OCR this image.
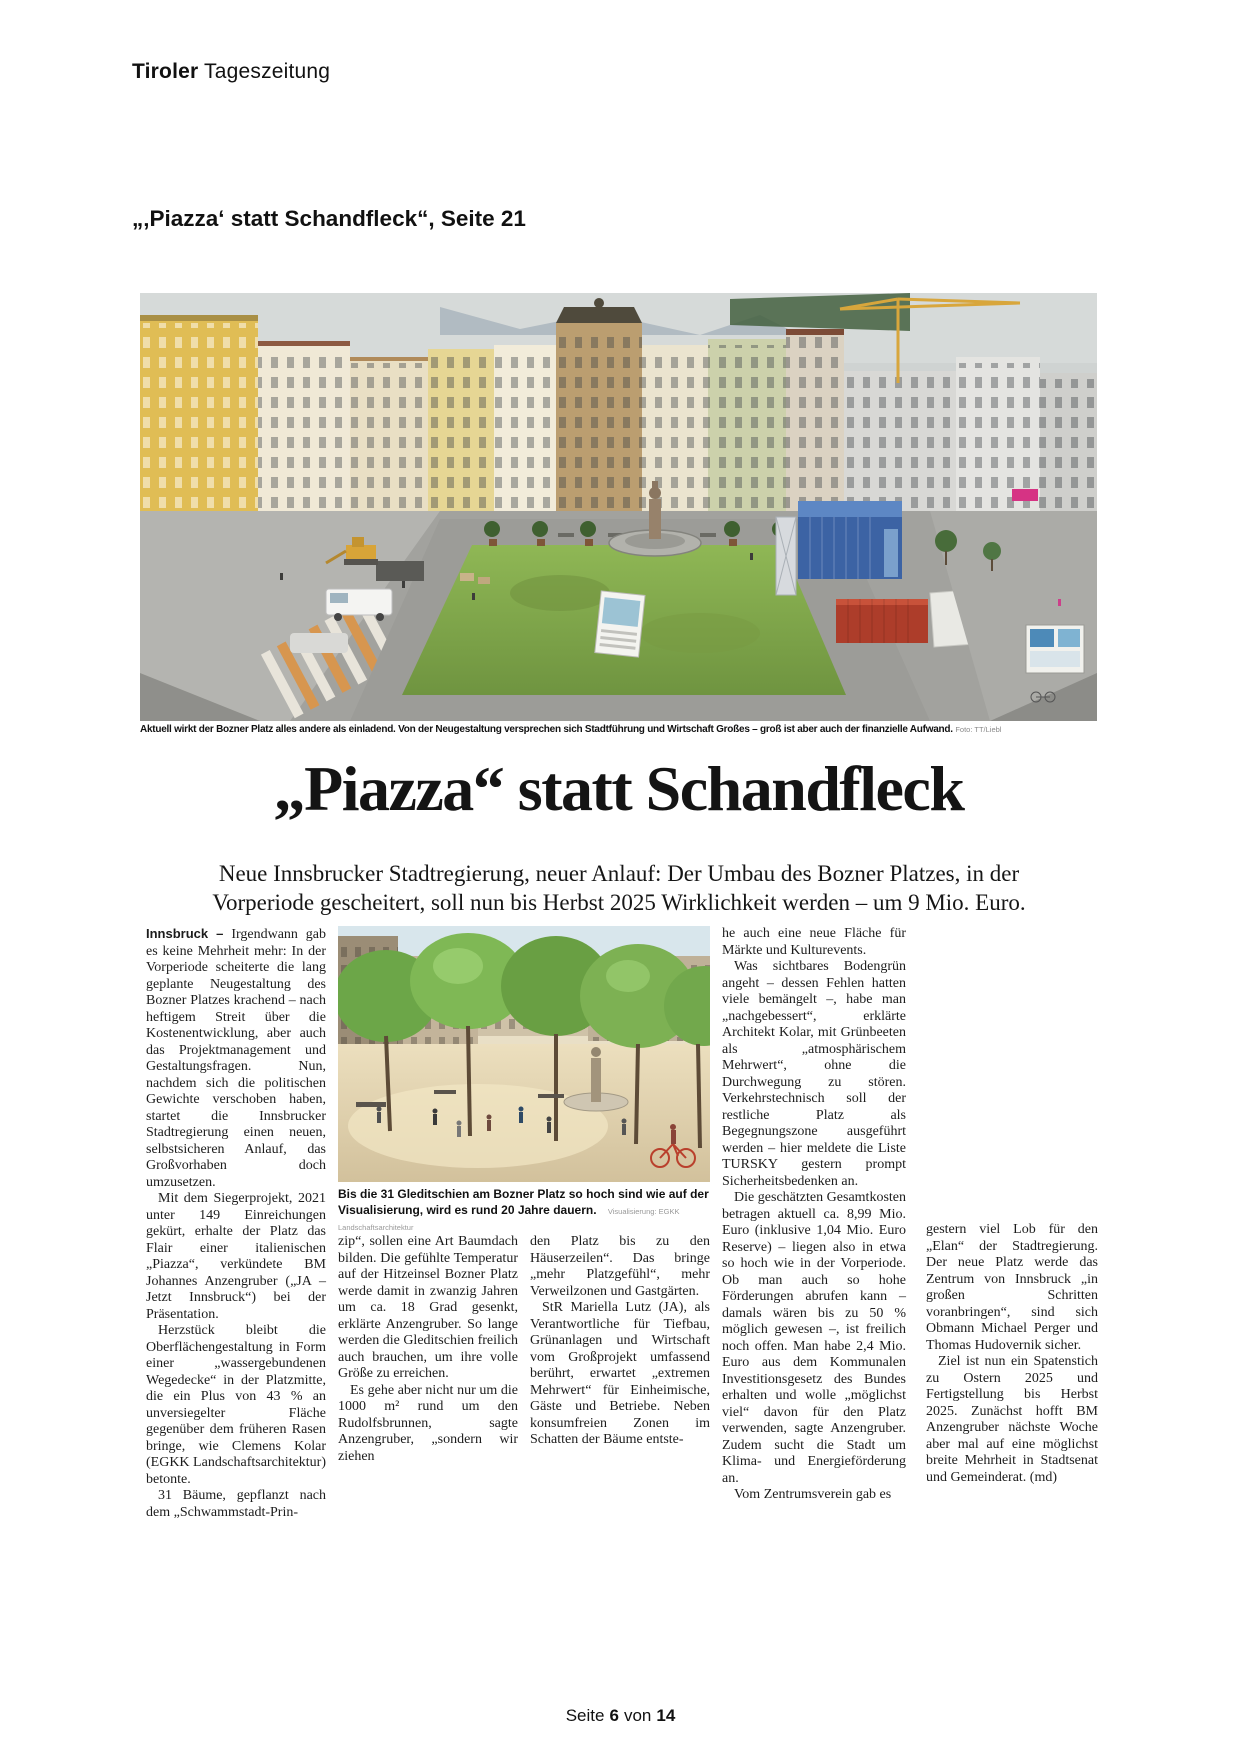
Tiroler Tageszeitung
„‚Piazza‘ statt Schandfleck“, Seite 21
Aktuell wirkt der Bozner Platz alles andere als einladend. Von der Neugestaltung versprechen sich Stadtführung und Wirtschaft Großes – groß ist aber auch der finanzielle Aufwand. Foto: TT/Liebl
„Piazza“ statt Schandfleck

Neue Innsbrucker Stadtregierung, neuer Anlauf: Der Umbau des Bozner Platzes, in der Vorperiode gescheitert, soll nun bis Herbst 2025 Wirklichkeit werden – um 9 Mio. Euro.

Innsbruck – Irgendwann gab es keine Mehrheit mehr: In der Vorperiode scheiterte die lang geplante Neugestaltung des Bozner Platzes krachend – nach heftigem Streit über die Kostenentwicklung, aber auch das Projektmanagement und Gestaltungsfragen. Nun, nachdem sich die politischen Gewichte verschoben haben, startet die Innsbrucker Stadtregierung einen neuen, selbstsicheren Anlauf, das Großvorhaben doch umzusetzen.

Mit dem Siegerprojekt, 2021 unter 149 Einreichungen gekürt, erhalte der Platz das Flair einer italienischen „Piazza“, verkündete BM Johannes Anzengruber („JA – Jetzt Innsbruck“) bei der Präsentation.

Herzstück bleibt die Oberflächengestaltung in Form einer „wassergebundenen Wegedecke“ in der Platzmitte, die ein Plus von 43 % an unversiegelter Fläche gegenüber dem früheren Rasen bringe, wie Clemens Kolar (EGKK Landschaftsarchitektur) betonte.

31 Bäume, gepflanzt nach dem „Schwammstadt-Prin-

zip“, sollen eine Art Baumdach bilden. Die gefühlte Temperatur auf der Hitzeinsel Bozner Platz werde damit in zwanzig Jahren um ca. 18 Grad gesenkt, erklärte Anzengruber. So lange werden die Gleditschien freilich auch brauchen, um ihre volle Größe zu erreichen.

Es gehe aber nicht nur um die 1000 m² rund um den Rudolfsbrunnen, sagte Anzengruber, „sondern wir ziehen

den Platz bis zu den Häuserzeilen“. Das bringe „mehr Platzgefühl“, mehr Verweilzonen und Gastgärten.

StR Mariella Lutz (JA), als Verantwortliche für Tiefbau, Grünanlagen und Wirtschaft vom Großprojekt umfassend berührt, erwartet „extremen Mehrwert“ für Einheimische, Gäste und Betriebe. Neben konsumfreien Zonen im Schatten der Bäume entste-

he auch eine neue Fläche für Märkte und Kulturevents.

Was sichtbares Bodengrün angeht – dessen Fehlen hatten viele bemängelt –, habe man „nachgebessert“, erklärte Architekt Kolar, mit Grünbeeten als „atmosphärischem Mehrwert“, ohne die Durchwegung zu stören. Verkehrstechnisch soll der restliche Platz als Begegnungszone ausgeführt werden – hier meldete die Liste TURSKY gestern prompt Sicherheitsbedenken an.

Die geschätzten Gesamtkosten betragen aktuell ca. 8,99 Mio. Euro (inklusive 1,04 Mio. Euro Reserve) – liegen also in etwa so hoch wie in der Vorperiode. Ob man auch so hohe Förderungen abrufen kann – damals wären bis zu 50 % möglich gewesen –, ist freilich noch offen. Man habe 2,4 Mio. Euro aus dem Kommunalen Investitionsgesetz des Bundes erhalten und wolle „möglichst viel“ davon für den Platz verwenden, sagte Anzengruber. Zudem sucht die Stadt um Klima- und Energieförderung an.

Vom Zentrumsverein gab es

gestern viel Lob für den „Elan“ der Stadtregierung. Der neue Platz werde das Zentrum von Innsbruck „in großen Schritten voranbringen“, sind sich Obmann Michael Perger und Thomas Hudovernik sicher.

Ziel ist nun ein Spatenstich zu Ostern 2025 und Fertigstellung bis Herbst 2025. Zunächst hofft BM Anzengruber nächste Woche aber mal auf eine möglichst breite Mehrheit in Stadtsenat und Gemeinderat. (md)

Bis die 31 Gleditschien am Bozner Platz so hoch sind wie auf der Visualisierung, wird es rund 20 Jahre dauern. Visualisierung: EGKK Landschaftsarchitektur
Seite 6 von 14
